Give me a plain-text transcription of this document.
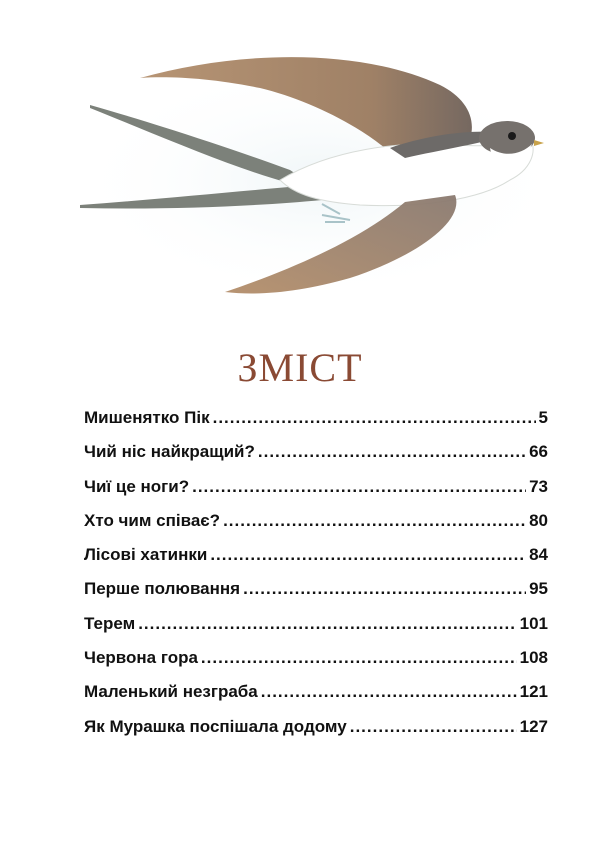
ЗМІСТ
Мишенятко Пік .....	5
Чий ніс найкращий? .....	66
Чиї це ноги? .....	73
Хто чим співає? .....	80
Лісові хатинки .....	84
Перше полювання .....	95
Терем .....	101
Червона гора .....	108
Маленький незграба .....	121
Як Мурашка поспішала додому .....	127
